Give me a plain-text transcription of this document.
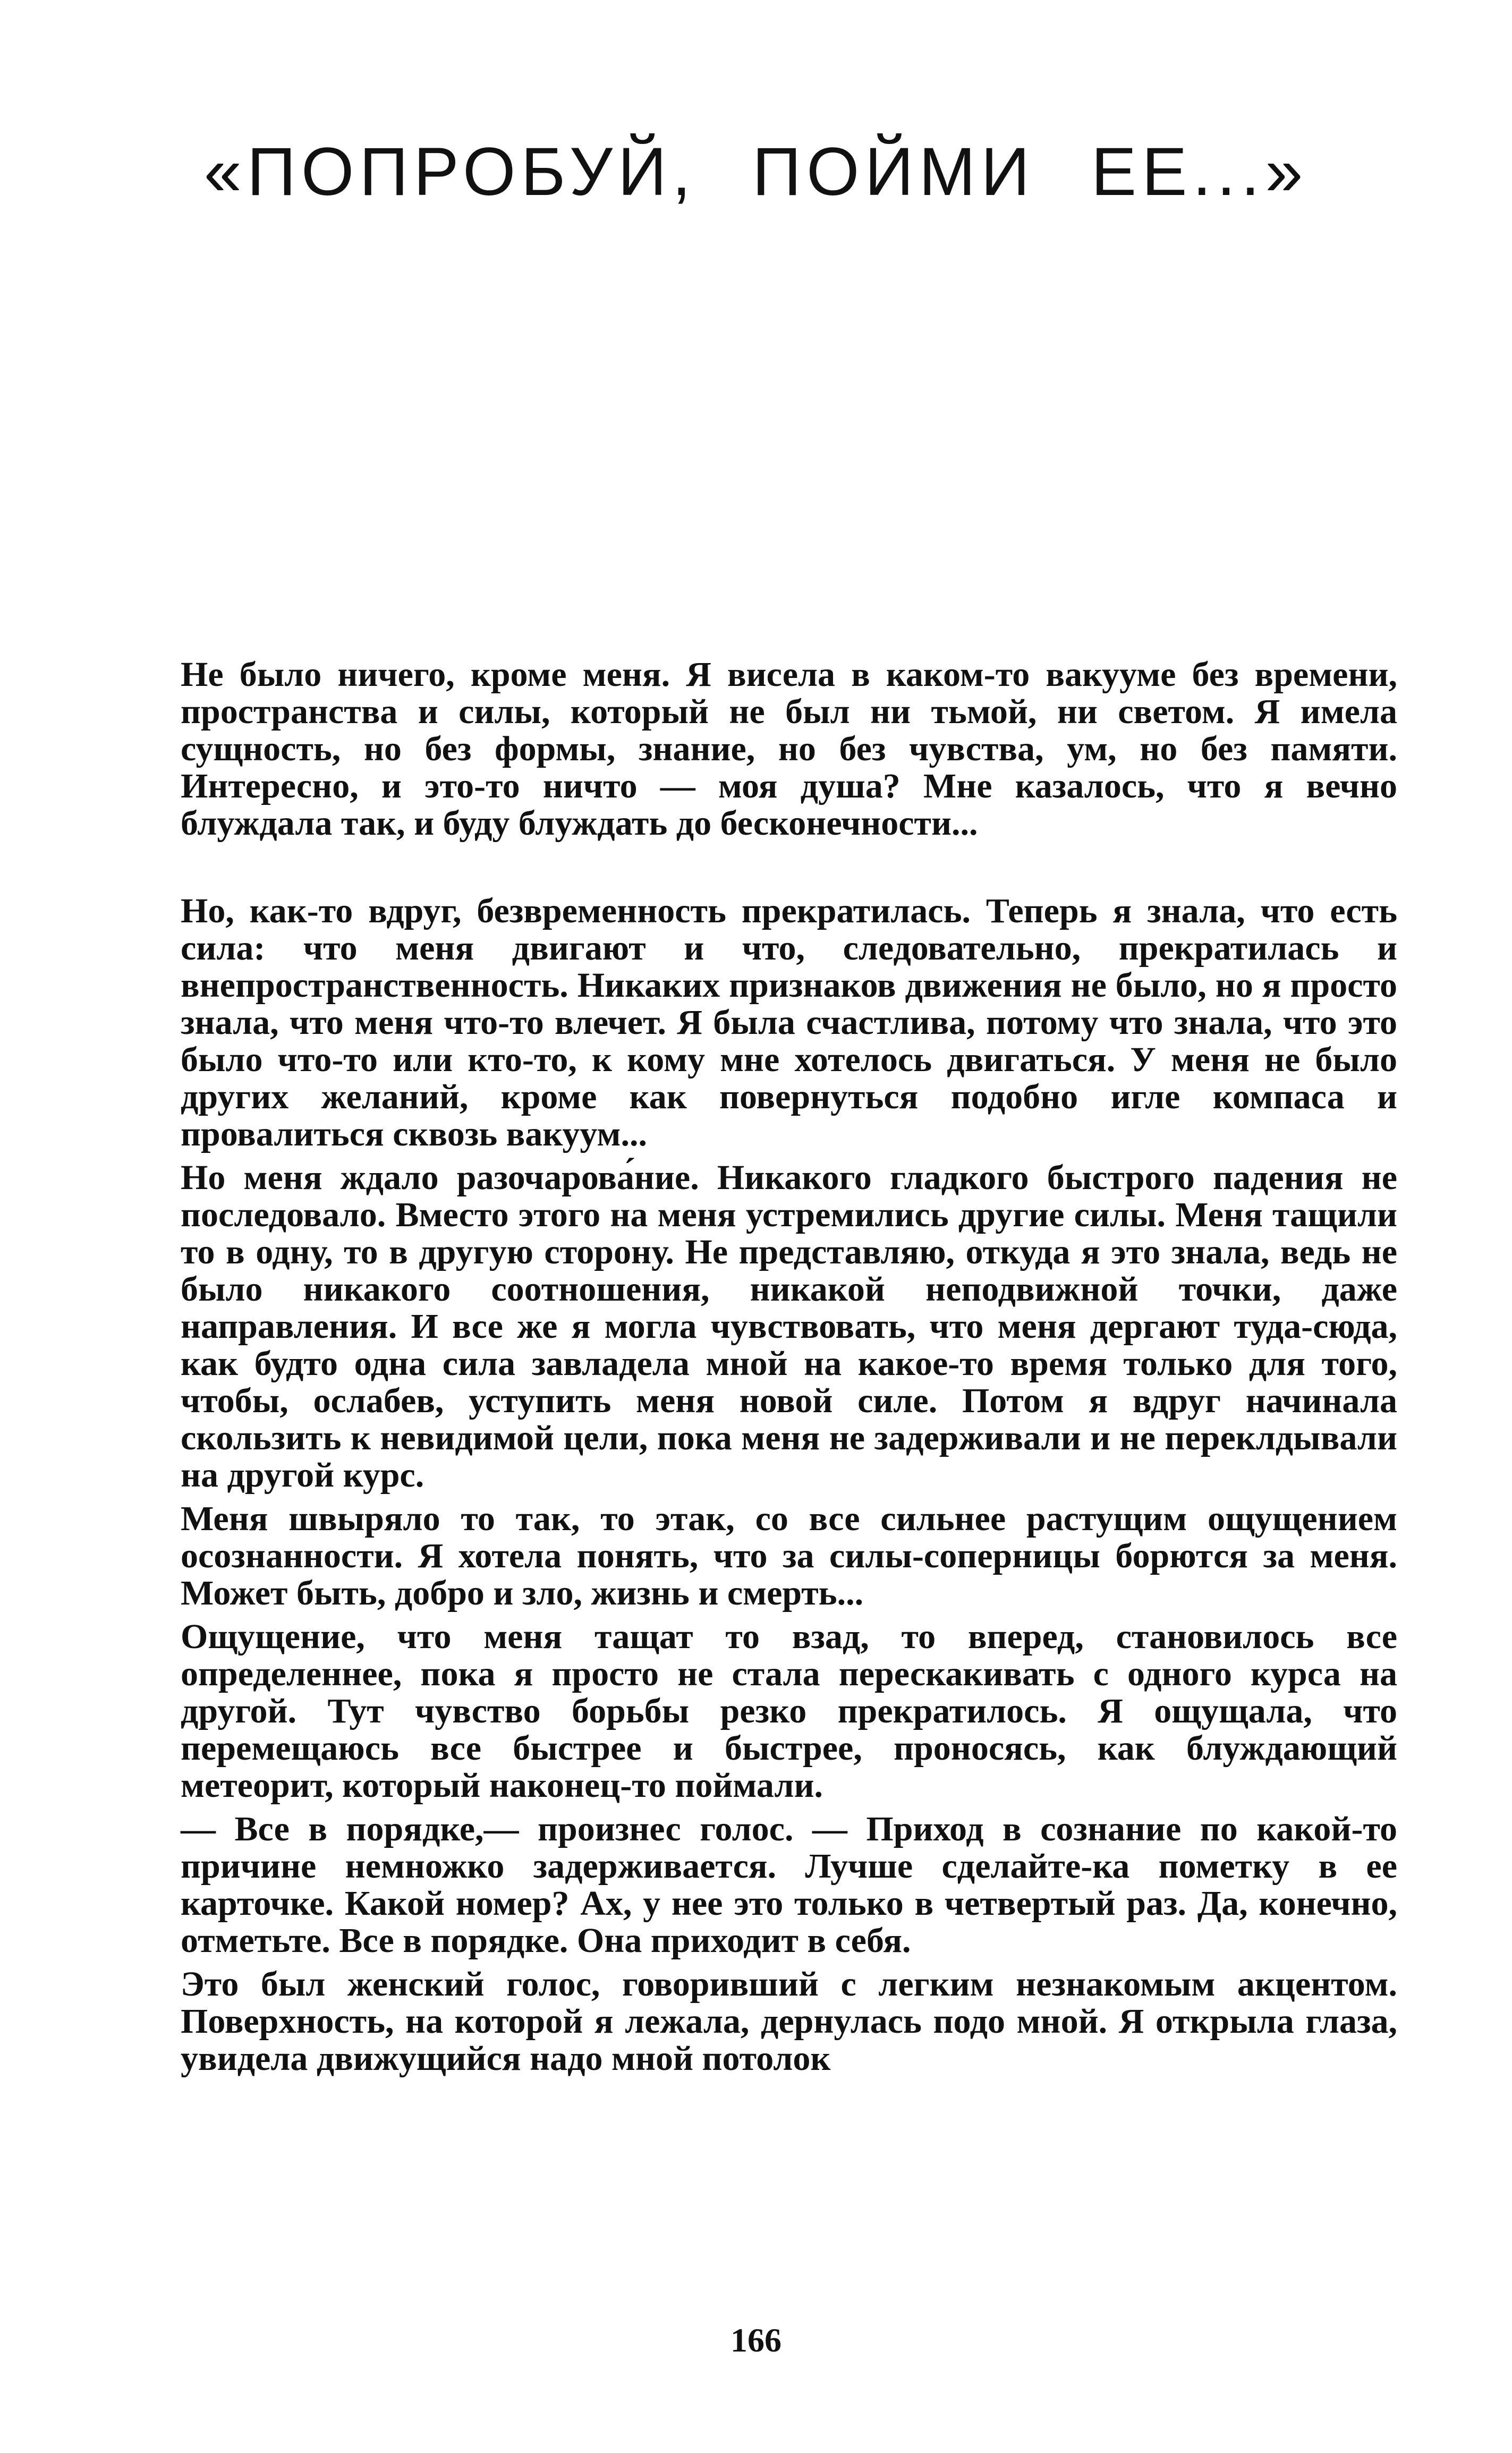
«ПОПРОБУЙ, ПОЙМИ ЕЕ...»

Не было ничего, кроме меня. Я висела в каком-то вакууме без времени, пространства и силы, который не был ни тьмой, ни светом. Я имела сущность, но без формы, знание, но без чувства, ум, но без памяти. Интересно, и это-то ничто — моя душа? Мне казалось, что я вечно блуждала так, и буду блуждать до бесконечности...

Но, как-то вдруг, безвременность прекратилась. Теперь я знала, что есть сила: что меня двигают и что, следовательно, прекратилась и внепространственность. Никаких признаков движения не было, но я просто знала, что меня что-то влечет. Я была счастлива, потому что знала, что это было что-то или кто-то, к кому мне хотелось двигаться. У меня не было других желаний, кроме как повернуться подобно игле компаса и провалиться сквозь вакуум...

Но меня ждало разочарова́ние. Никакого гладкого быстрого падения не последовало. Вместо этого на меня устремились другие силы. Меня тащили то в одну, то в другую сторону. Не представляю, откуда я это знала, ведь не было никакого соотношения, никакой неподвижной точки, даже направления. И все же я могла чувствовать, что меня дергают туда-сюда, как будто одна сила завладела мной на какое-то время только для того, чтобы, ослабев, уступить меня новой силе. Потом я вдруг начинала скользить к невидимой цели, пока меня не задерживали и не переклдывали на другой курс.

Меня швыряло то так, то этак, со все сильнее растущим ощущением осознанности. Я хотела понять, что за силы-соперницы борются за меня. Может быть, добро и зло, жизнь и смерть...

Ощущение, что меня тащат то взад, то вперед, становилось все определеннее, пока я просто не стала перескакивать с одного курса на другой. Тут чувство борьбы резко прекратилось. Я ощущала, что перемещаюсь все быстрее и быстрее, проносясь, как блуждающий метеорит, который наконец-то поймали.

— Все в порядке,— произнес голос. — Приход в сознание по какой-то причине немножко задерживается. Лучше сделайте-ка пометку в ее карточке. Какой номер? Ах, у нее это только в четвертый раз. Да, конечно, отметьте. Все в порядке. Она приходит в себя.

Это был женский голос, говоривший с легким незнакомым акцентом. Поверхность, на которой я лежала, дернулась подо мной. Я открыла глаза, увидела движущийся надо мной потолок

166
